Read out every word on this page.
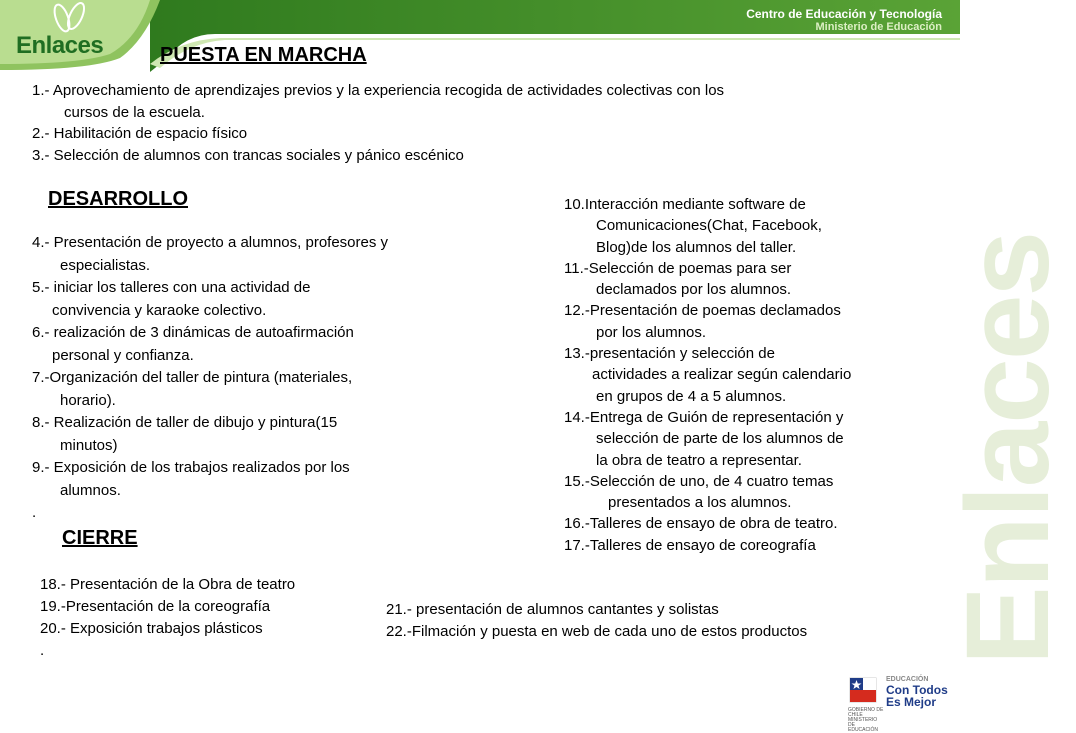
Enlaces
Centro de Educación y Tecnología
Ministerio de Educación
Enlaces
PUESTA EN MARCHA
1.- Aprovechamiento de aprendizajes previos y la experiencia recogida de actividades colectivas con los
cursos de la escuela.
2.- Habilitación de espacio físico
3.- Selección de alumnos con trancas sociales y pánico escénico
DESARROLLO
4.- Presentación de proyecto a alumnos, profesores y
especialistas.
5.- iniciar los talleres con una actividad de
convivencia y karaoke colectivo.
6.- realización de 3 dinámicas de autoafirmación
personal y confianza.
7.-Organización del taller de pintura (materiales,
horario).
8.- Realización de taller de dibujo y pintura(15
minutos)
9.- Exposición de los trabajos realizados por los
alumnos.
.
10.Interacción mediante software de
Comunicaciones(Chat, Facebook,
Blog)de los alumnos del taller.
11.-Selección de poemas para ser
declamados por los alumnos.
12.-Presentación de poemas declamados
por los alumnos.
13.-presentación y selección de
actividades a realizar según calendario
en grupos de 4 a 5 alumnos.
14.-Entrega de Guión de representación y
selección de parte de los alumnos de
la obra de teatro a representar.
15.-Selección de uno, de 4 cuatro temas
presentados a los alumnos.
16.-Talleres de ensayo de obra de teatro.
17.-Talleres de ensayo de coreografía
CIERRE
18.- Presentación de la Obra de teatro
19.-Presentación de la coreografía
20.- Exposición trabajos plásticos
.
21.- presentación de alumnos cantantes y solistas
22.-Filmación y puesta en web de cada uno de estos productos
EDUCACIÓN
Con Todos
Es Mejor
GOBIERNO DE CHILE MINISTERIO DE EDUCACIÓN
